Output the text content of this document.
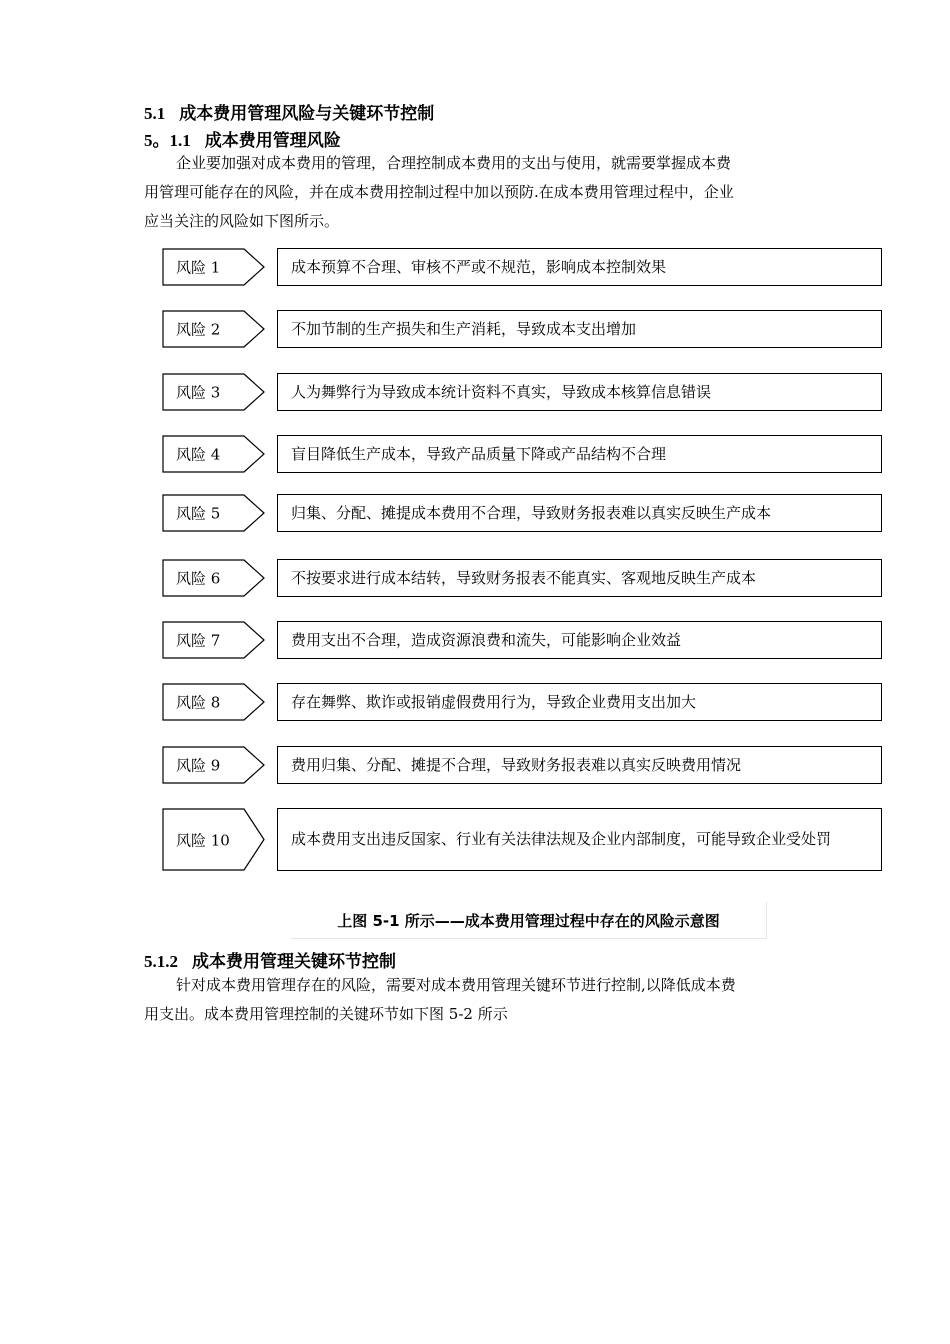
5.1 成本费用管理风险与关键环节控制
5。1.1 成本费用管理风险
企业要加强对成本费用的管理，合理控制成本费用的支出与使用，就需要掌握成本费
用管理可能存在的风险，并在成本费用控制过程中加以预防.在成本费用管理过程中，企业
应当关注的风险如下图所示。
风险 1	成本预算不合理、审核不严或不规范，影响成本控制效果
风险 2	不加节制的生产损失和生产消耗，导致成本支出增加
风险 3	人为舞弊行为导致成本统计资料不真实，导致成本核算信息错误
风险 4	盲目降低生产成本，导致产品质量下降或产品结构不合理
风险 5	归集、分配、摊提成本费用不合理，导致财务报表难以真实反映生产成本
风险 6	不按要求进行成本结转，导致财务报表不能真实、客观地反映生产成本
风险 7	费用支出不合理，造成资源浪费和流失，可能影响企业效益
风险 8	存在舞弊、欺诈或报销虚假费用行为，导致企业费用支出加大
风险 9	费用归集、分配、摊提不合理，导致财务报表难以真实反映费用情况
风险 10	成本费用支出违反国家、行业有关法律法规及企业内部制度，可能导致企业受处罚
上图 5-1 所示——成本费用管理过程中存在的风险示意图
5.1.2 成本费用管理关键环节控制
针对成本费用管理存在的风险，需要对成本费用管理关键环节进行控制,以降低成本费
用支出。成本费用管理控制的关键环节如下图 5-2 所示
